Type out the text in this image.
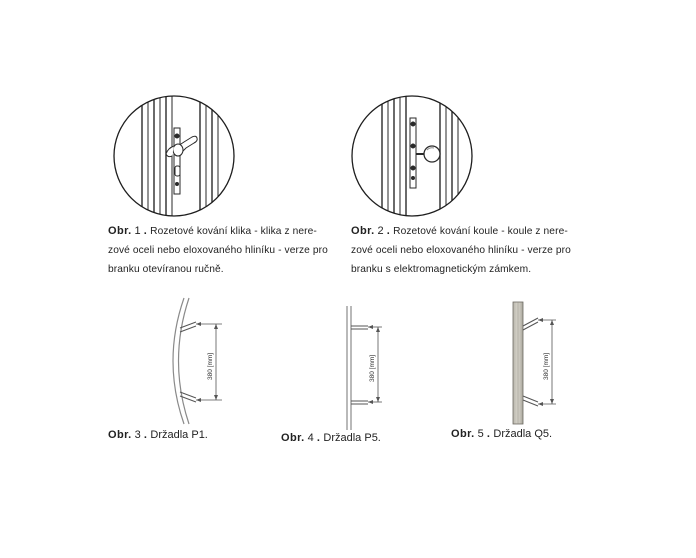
Obr. 1 . Rozetové kování klika - klika z nere-
zové oceli nebo eloxovaného hliníku - verze pro
branku otevíranou ručně.
Obr. 2 . Rozetové kování koule - koule z nere-
zové oceli nebo eloxovaného hliníku - verze pro
branku s elektromagnetickým zámkem.
380 [mm]
Obr. 3 . Držadla P1.
380 [mm]
Obr. 4 . Držadla P5.
380 [mm]
Obr. 5 . Držadla Q5.
